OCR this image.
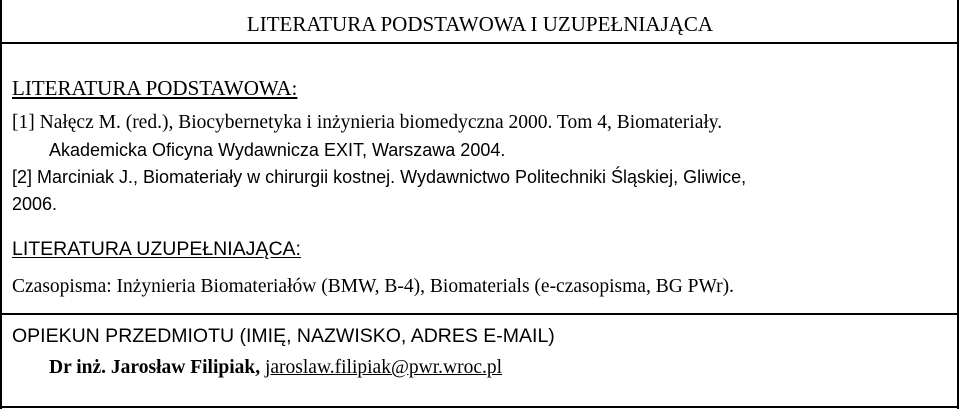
LITERATURA PODSTAWOWA I UZUPEŁNIAJĄCA
LITERATURA PODSTAWOWA:
[1] Nałęcz M. (red.), Biocybernetyka i inżynieria biomedyczna 2000. Tom 4, Biomateriały.
Akademicka Oficyna Wydawnicza EXIT, Warszawa 2004.
[2] Marciniak J., Biomateriały w chirurgii kostnej. Wydawnictwo Politechniki Śląskiej, Gliwice,
2006.
LITERATURA UZUPEŁNIAJĄCA:
Czasopisma: Inżynieria Biomateriałów (BMW, B-4), Biomaterials (e-czasopisma, BG PWr).
OPIEKUN PRZEDMIOTU (IMIĘ, NAZWISKO, ADRES E-MAIL)
Dr inż. Jarosław Filipiak, jaroslaw.filipiak@pwr.wroc.pl
